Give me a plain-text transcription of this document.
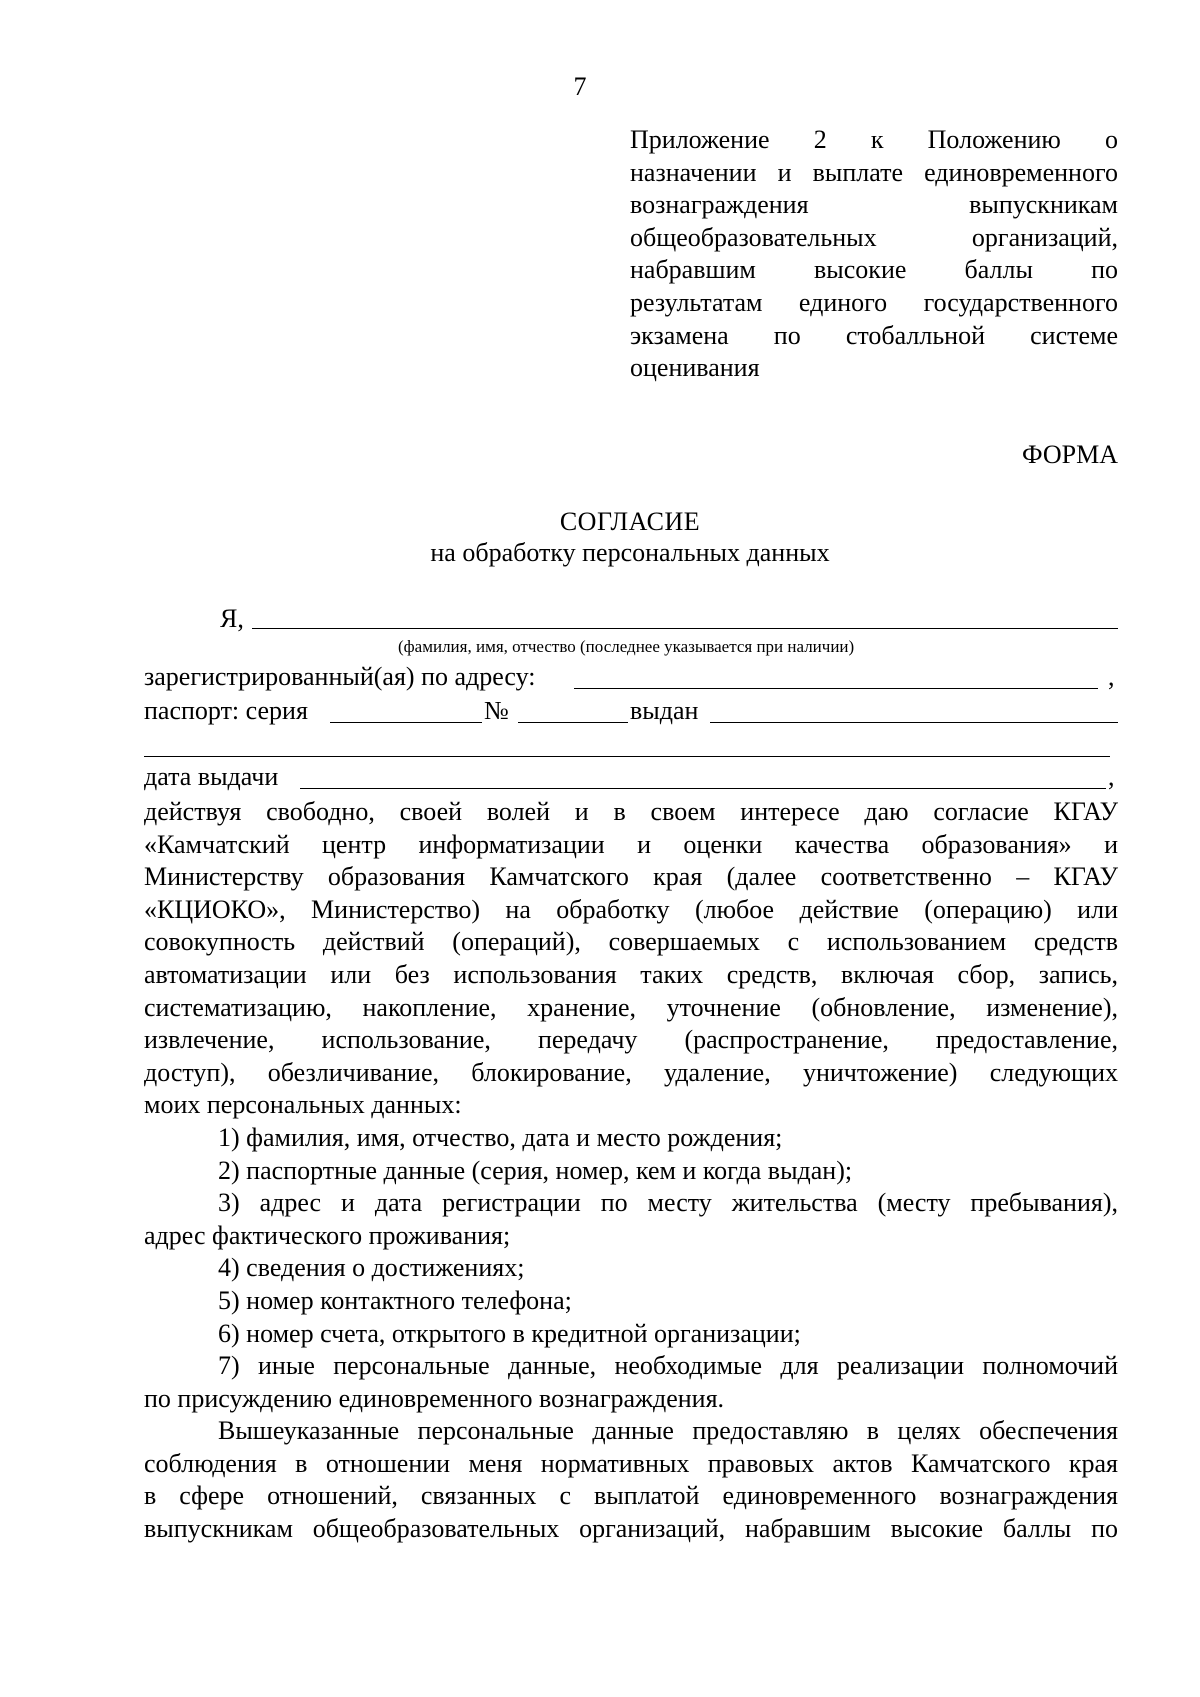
7
Приложение 2 к Положению о
назначении и выплате единовременного
вознаграждения выпускникам
общеобразовательных организаций,
набравшим высокие баллы по
результатам единого государственного
экзамена по стобалльной системе
оценивания
ФОРМА
СОГЛАСИЕ
на обработку персональных данных
Я,
(фамилия, имя, отчество (последнее указывается при наличии)
зарегистрированный(ая) по адресу:	,
паспорт: серия	№	выдан
дата выдачи	,
действуя свободно, своей волей и в своем интересе даю согласие КГАУ
«Камчатский центр информатизации и оценки качества образования» и
Министерству образования Камчатского края (далее соответственно – КГАУ
«КЦИОКО», Министерство) на обработку (любое действие (операцию) или
совокупность действий (операций), совершаемых с использованием средств
автоматизации или без использования таких средств, включая сбор, запись,
систематизацию, накопление, хранение, уточнение (обновление, изменение),
извлечение, использование, передачу (распространение, предоставление,
доступ), обезличивание, блокирование, удаление, уничтожение) следующих
моих персональных данных:
1) фамилия, имя, отчество, дата и место рождения;
2) паспортные данные (серия, номер, кем и когда выдан);
3) адрес и дата регистрации по месту жительства (месту пребывания),
адрес фактического проживания;
4) сведения о достижениях;
5) номер контактного телефона;
6) номер счета, открытого в кредитной организации;
7) иные персональные данные, необходимые для реализации полномочий
по присуждению единовременного вознаграждения.
Вышеуказанные персональные данные предоставляю в целях обеспечения
соблюдения в отношении меня нормативных правовых актов Камчатского края
в сфере отношений, связанных с выплатой единовременного вознаграждения
выпускникам общеобразовательных организаций, набравшим высокие баллы по
